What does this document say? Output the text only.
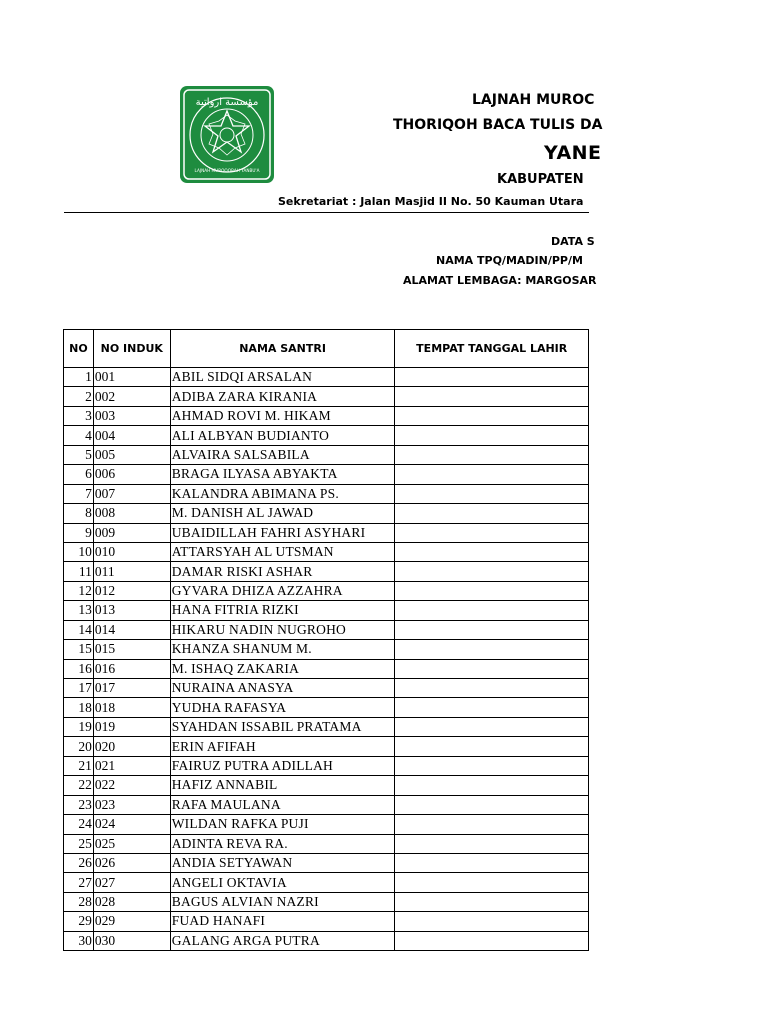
مؤسسة ارواتية
LAJNAH MUROQOBAH YANBU'A
LAJNAH MUROC
THORIQOH BACA TULIS DA
YANE
KABUPATEN
Sekretariat : Jalan Masjid II No. 50 Kauman Utara
DATA S
NAMA TPQ/MADIN/PP/M
ALAMAT LEMBAGA: MARGOSAR
NO	NO INDUK	NAMA SANTRI	TEMPAT TANGGAL LAHIR
1	001	ABIL SIDQI ARSALAN	
2	002	ADIBA ZARA KIRANIA	
3	003	AHMAD ROVI M. HIKAM	
4	004	ALI ALBYAN BUDIANTO	
5	005	ALVAIRA SALSABILA	
6	006	BRAGA ILYASA ABYAKTA	
7	007	KALANDRA ABIMANA PS.	
8	008	M. DANISH AL JAWAD	
9	009	UBAIDILLAH FAHRI ASYHARI	
10	010	ATTARSYAH AL UTSMAN	
11	011	DAMAR RISKI ASHAR	
12	012	GYVARA DHIZA AZZAHRA	
13	013	HANA FITRIA RIZKI	
14	014	HIKARU NADIN NUGROHO	
15	015	KHANZA SHANUM M.	
16	016	M. ISHAQ ZAKARIA	
17	017	NURAINA ANASYA	
18	018	YUDHA RAFASYA	
19	019	SYAHDAN ISSABIL PRATAMA	
20	020	ERIN AFIFAH	
21	021	FAIRUZ PUTRA ADILLAH	
22	022	HAFIZ ANNABIL	
23	023	RAFA MAULANA	
24	024	WILDAN RAFKA PUJI	
25	025	ADINTA REVA RA.	
26	026	ANDIA SETYAWAN	
27	027	ANGELI OKTAVIA	
28	028	BAGUS ALVIAN NAZRI	
29	029	FUAD HANAFI	
30	030	GALANG ARGA PUTRA	
